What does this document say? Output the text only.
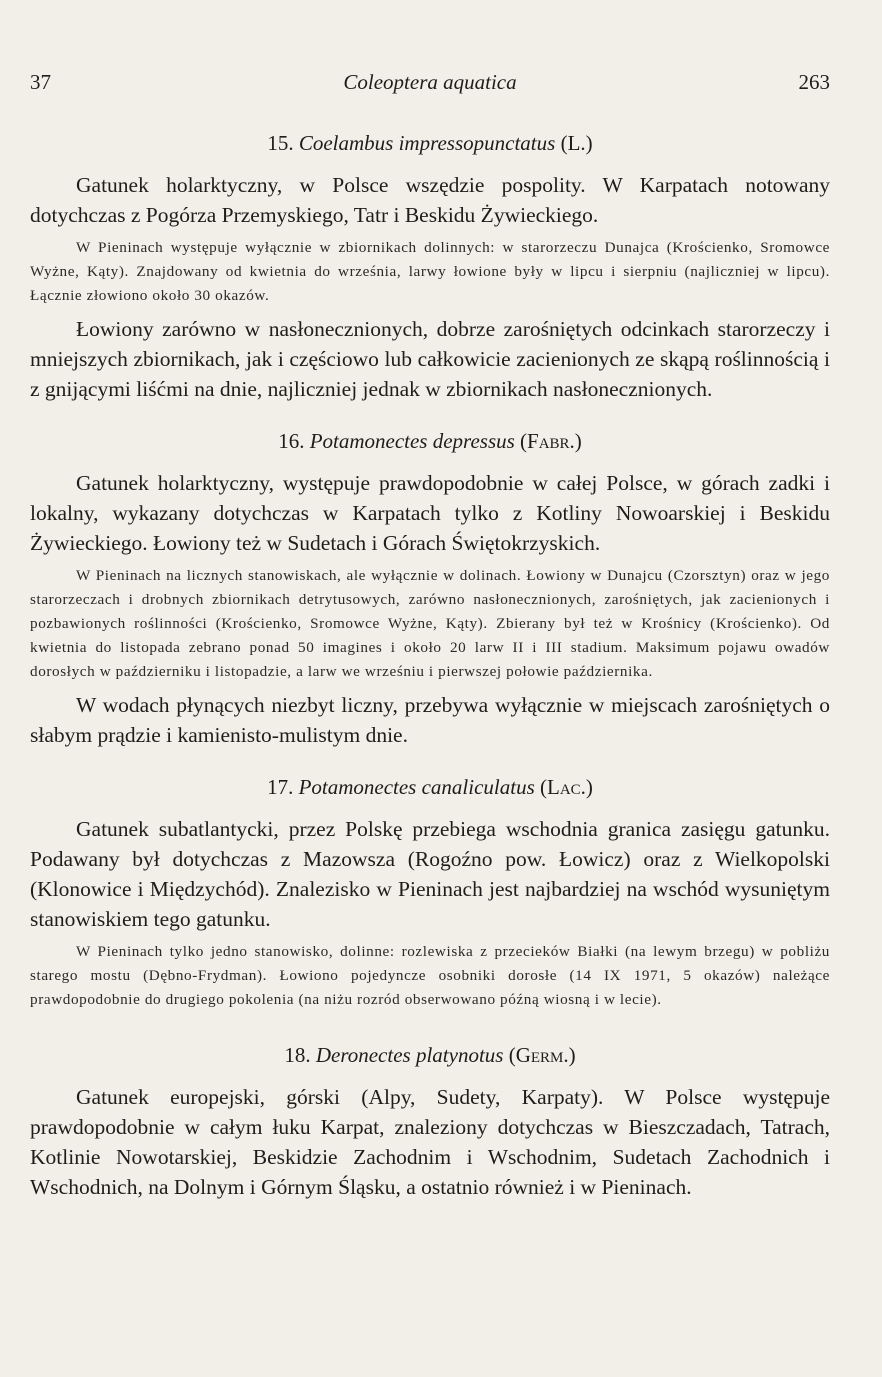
37	Coleoptera aquatica	263
15. Coelambus impressopunctatus (L.)

Gatunek holarktyczny, w Polsce wszędzie pospolity. W Karpatach notowany dotychczas z Pogórza Przemyskiego, Tatr i Beskidu Żywieckiego.

W Pieninach występuje wyłącznie w zbiornikach dolinnych: w starorzeczu Dunajca (Krościenko, Sromowce Wyżne, Kąty). Znajdowany od kwietnia do września, larwy łowione były w lipcu i sierpniu (najliczniej w lipcu). Łącznie złowiono około 30 okazów.

Łowiony zarówno w nasłonecznionych, dobrze zarośniętych odcinkach starorzeczy i mniejszych zbiornikach, jak i częściowo lub całkowicie zacienionych ze skąpą roślinnością i z gnijącymi liśćmi na dnie, najliczniej jednak w zbiornikach nasłonecznionych.

16. Potamonectes depressus (Fabr.)

Gatunek holarktyczny, występuje prawdopodobnie w całej Polsce, w górach zadki i lokalny, wykazany dotychczas w Karpatach tylko z Kotliny Nowoarskiej i Beskidu Żywieckiego. Łowiony też w Sudetach i Górach Świętokrzyskich.

W Pieninach na licznych stanowiskach, ale wyłącznie w dolinach. Łowiony w Dunajcu (Czorsztyn) oraz w jego starorzeczach i drobnych zbiornikach detrytusowych, zarówno nasłonecznionych, zarośniętych, jak zacienionych i pozbawionych roślinności (Krościenko, Sromowce Wyżne, Kąty). Zbierany był też w Krośnicy (Krościenko). Od kwietnia do listopada zebrano ponad 50 imagines i około 20 larw II i III stadium. Maksimum pojawu owadów dorosłych w październiku i listopadzie, a larw we wrześniu i pierwszej połowie października.

W wodach płynących niezbyt liczny, przebywa wyłącznie w miejscach zarośniętych o słabym prądzie i kamienisto-mulistym dnie.

17. Potamonectes canaliculatus (Lac.)

Gatunek subatlantycki, przez Polskę przebiega wschodnia granica zasięgu gatunku. Podawany był dotychczas z Mazowsza (Rogoźno pow. Łowicz) oraz z Wielkopolski (Klonowice i Międzychód). Znalezisko w Pieninach jest najbardziej na wschód wysuniętym stanowiskiem tego gatunku.

W Pieninach tylko jedno stanowisko, dolinne: rozlewiska z przecieków Białki (na lewym brzegu) w pobliżu starego mostu (Dębno-Frydman). Łowiono pojedyncze osobniki dorosłe (14 IX 1971, 5 okazów) należące prawdopodobnie do drugiego pokolenia (na niżu rozród obserwowano późną wiosną i w lecie).

18. Deronectes platynotus (Germ.)

Gatunek europejski, górski (Alpy, Sudety, Karpaty). W Polsce występuje prawdopodobnie w całym łuku Karpat, znaleziony dotychczas w Bieszczadach, Tatrach, Kotlinie Nowotarskiej, Beskidzie Zachodnim i Wschodnim, Sudetach Zachodnich i Wschodnich, na Dolnym i Górnym Śląsku, a ostatnio również i w Pieninach.
